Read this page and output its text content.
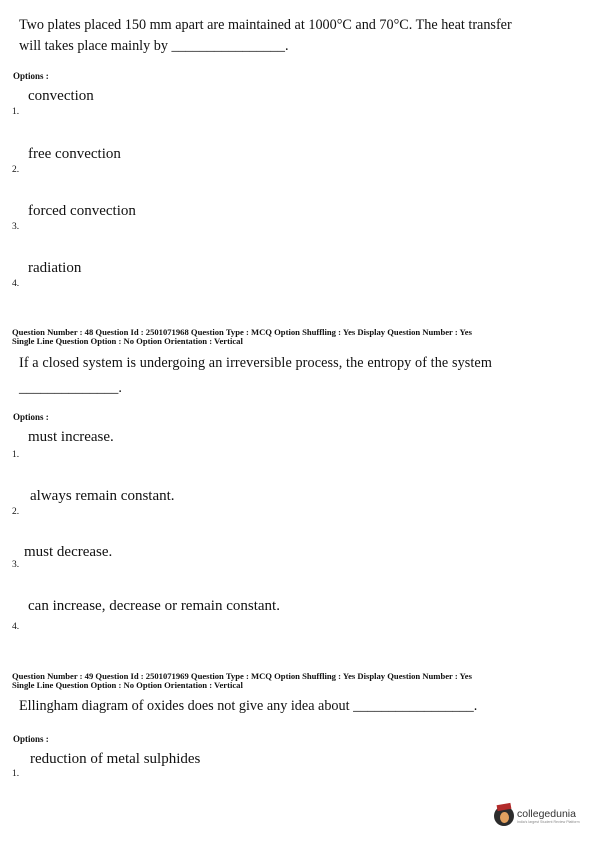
Two plates placed 150 mm apart are maintained at 1000°C and 70°C. The heat transfer
will takes place mainly by ________________.
Options :
convection
1.
free convection
2.
forced convection
3.
radiation
4.
Question Number : 48 Question Id : 2501071968 Question Type : MCQ Option Shuffling : Yes Display Question Number : Yes
Single Line Question Option : No Option Orientation : Vertical
If a closed system is undergoing an irreversible process, the entropy of the system
______________.
Options :
must increase.
1.
always remain constant.
2.
must decrease.
3.
can increase, decrease or remain constant.
4.
Question Number : 49 Question Id : 2501071969 Question Type : MCQ Option Shuffling : Yes Display Question Number : Yes
Single Line Question Option : No Option Orientation : Vertical
Ellingham diagram of oxides does not give any idea about _________________.
Options :
reduction of metal sulphides
1.
collegedunia
India's largest Student Review Platform
